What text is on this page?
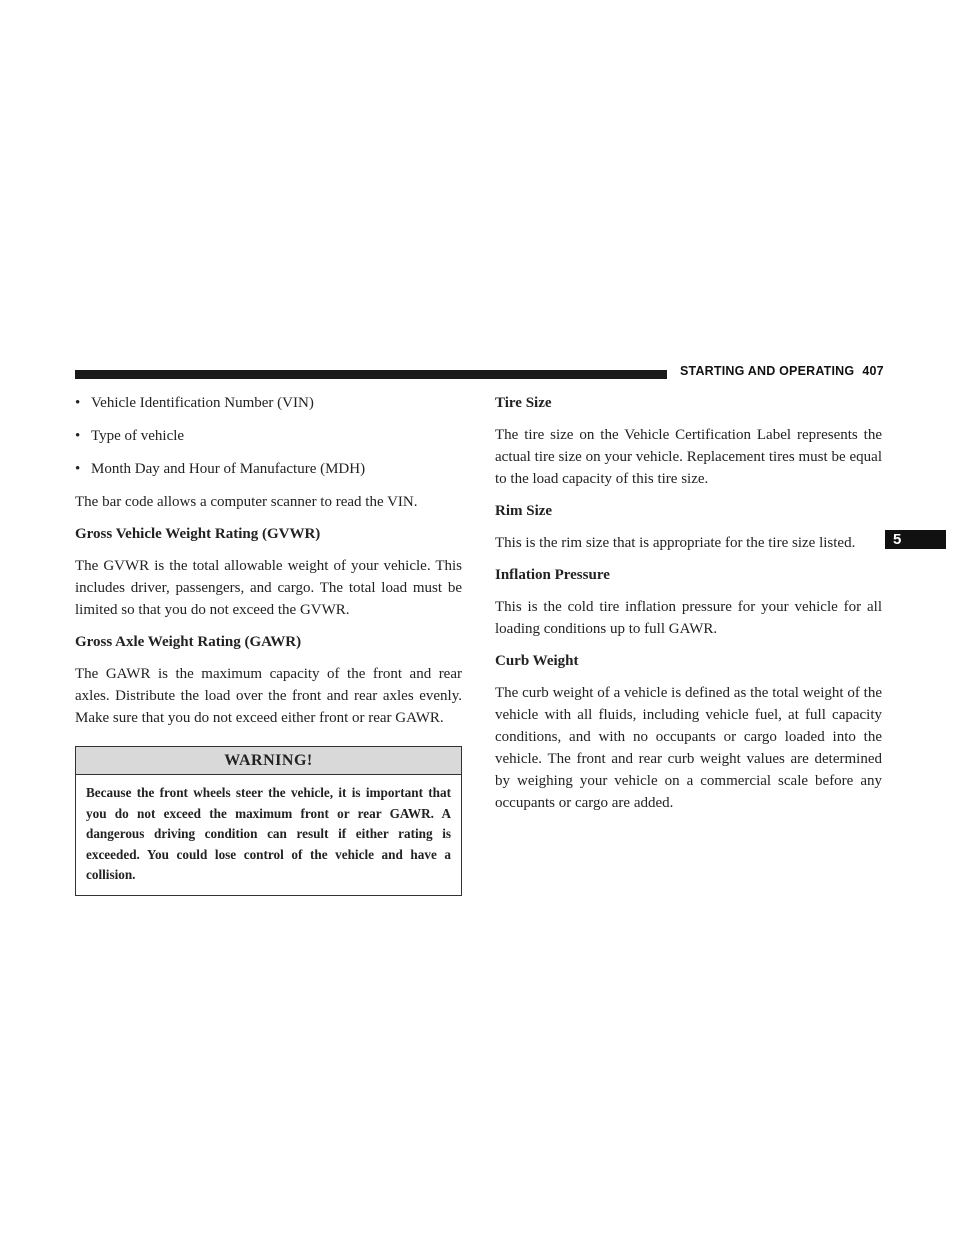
STARTING AND OPERATING 407
5
• Vehicle Identification Number (VIN)
• Type of vehicle
• Month Day and Hour of Manufacture (MDH)

The bar code allows a computer scanner to read the VIN.

Gross Vehicle Weight Rating (GVWR)

The GVWR is the total allowable weight of your vehicle. This includes driver, passengers, and cargo. The total load must be limited so that you do not exceed the GVWR.

Gross Axle Weight Rating (GAWR)

The GAWR is the maximum capacity of the front and rear axles. Distribute the load over the front and rear axles evenly. Make sure that you do not exceed either front or rear GAWR.

WARNING!
Because the front wheels steer the vehicle, it is important that you do not exceed the maximum front or rear GAWR. A dangerous driving condition can result if either rating is exceeded. You could lose control of the vehicle and have a collision.
Tire Size

The tire size on the Vehicle Certification Label represents the actual tire size on your vehicle. Replacement tires must be equal to the load capacity of this tire size.

Rim Size

This is the rim size that is appropriate for the tire size listed.

Inflation Pressure

This is the cold tire inflation pressure for your vehicle for all loading conditions up to full GAWR.

Curb Weight

The curb weight of a vehicle is defined as the total weight of the vehicle with all fluids, including vehicle fuel, at full capacity conditions, and with no occupants or cargo loaded into the vehicle. The front and rear curb weight values are determined by weighing your vehicle on a commercial scale before any occupants or cargo are added.
